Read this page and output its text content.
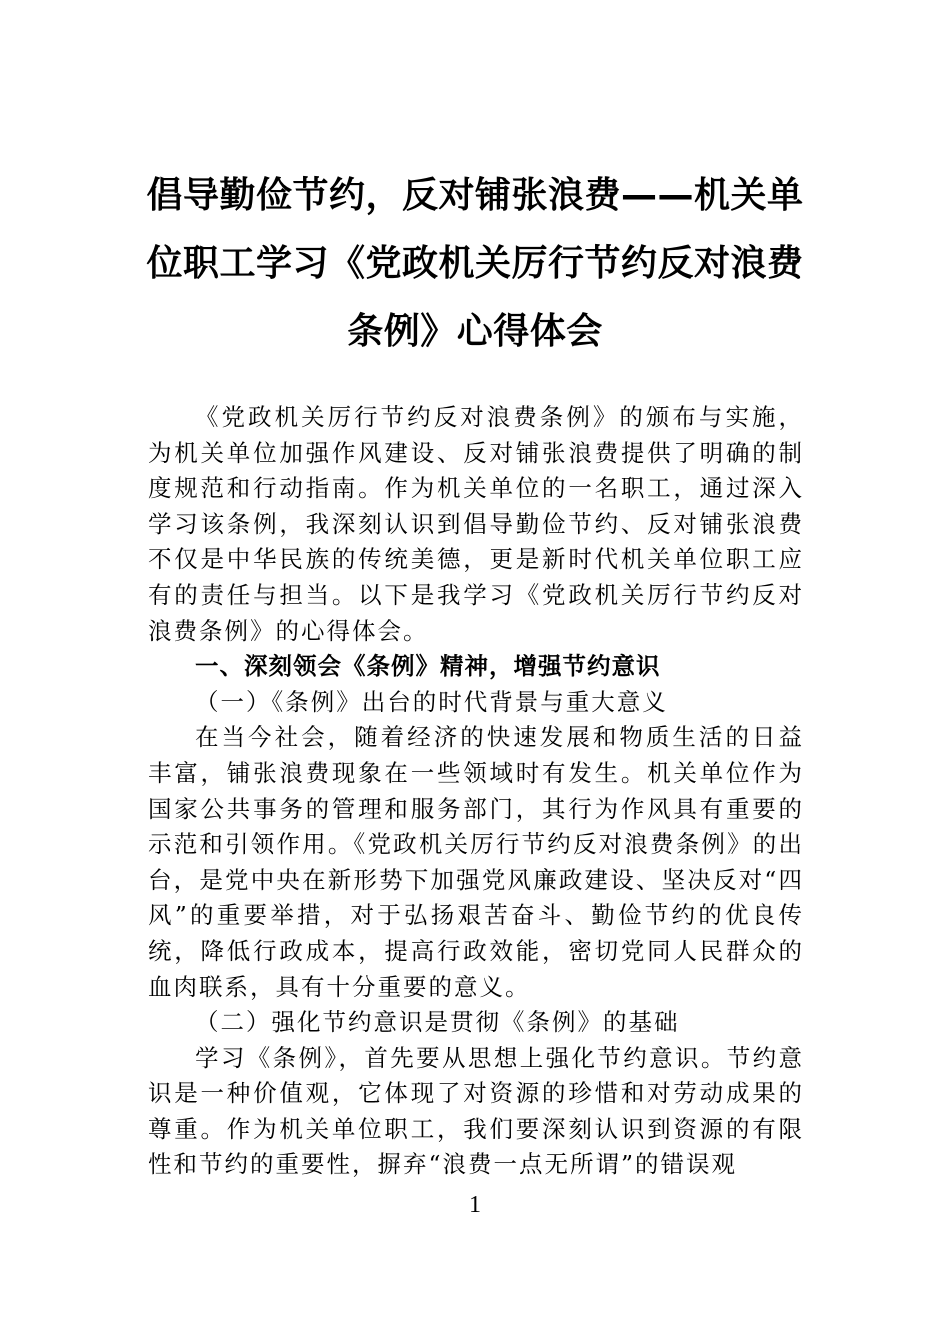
倡导勤俭节约，反对铺张浪费——机关单位职工学习《党政机关厉行节约反对浪费条例》心得体会

《党政机关厉行节约反对浪费条例》的颁布与实施，为机关单位加强作风建设、反对铺张浪费提供了明确的制度规范和行动指南。作为机关单位的一名职工，通过深入学习该条例，我深刻认识到倡导勤俭节约、反对铺张浪费不仅是中华民族的传统美德，更是新时代机关单位职工应有的责任与担当。以下是我学习《党政机关厉行节约反对浪费条例》的心得体会。

一、深刻领会《条例》精神，增强节约意识

（一）《条例》出台的时代背景与重大意义

在当今社会，随着经济的快速发展和物质生活的日益丰富，铺张浪费现象在一些领域时有发生。机关单位作为国家公共事务的管理和服务部门，其行为作风具有重要的示范和引领作用。《党政机关厉行节约反对浪费条例》的出台，是党中央在新形势下加强党风廉政建设、坚决反对“四风”的重要举措，对于弘扬艰苦奋斗、勤俭节约的优良传统，降低行政成本，提高行政效能，密切党同人民群众的血肉联系，具有十分重要的意义。

（二）强化节约意识是贯彻《条例》的基础

学习《条例》，首先要从思想上强化节约意识。节约意识是一种价值观，它体现了对资源的珍惜和对劳动成果的尊重。作为机关单位职工，我们要深刻认识到资源的有限性和节约的重要性，摒弃“浪费一点无所谓”的错误观

1
